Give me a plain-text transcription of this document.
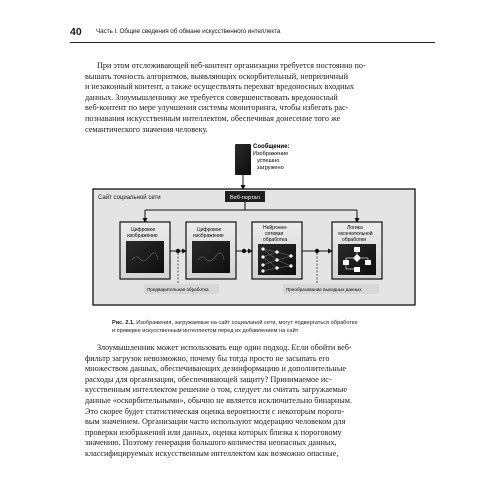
40 Часть I. Общие сведения об обмане искусственного интеллекта
При этом отслеживающей веб-контент организации требуется постоянно по-
вышать точность алгоритмов, выявляющих оскорбительный, неприличный
и незаконный контент, а также осуществлять перехват вредоносных входных
данных. Злоумышленнику же требуется совершенствовать вредоносный
веб-контент по мере улучшения системы мониторинга, чтобы избегать рас-
познавания искусственным интеллектом, обеспечивая донесение того же
семантического значения человеку.
Сообщение:
Изображение
успешно
загружено
Сайт социальной сети	Веб-портал
Цифровое
изображение
Цифровое
изображение
Нейронно-
сетевая
обработка
Логика
окончательной
обработки
Предварительная обработка	Преобразование выходных данных
Рис. 2.1. Изображения, загружаемые на сайт социальной сети, могут подвергаться обработке
и проверке искусственным интеллектом перед их добавлением на сайт
Злоумышленник может использовать еще один подход. Если обойти веб-
фильтр загрузок невозможно, почему бы тогда просто не засыпать его
множеством данных, обеспечивающих дезинформацию и дополнительные
расходы для организации, обеспечивающей защиту? Принимаемое ис-
кусственным интеллектом решение о том, следует ли считать загружаемые
данные «оскорбительными», обычно не является исключительно бинарным.
Это скорее будет статистическая оценка вероятности с некоторым порого-
вым значением. Организации часто используют модерацию человеком для
проверки изображений или данных, оценка которых близка к пороговому
значению. Поэтому генерация большого количества неопасных данных,
классифицируемых искусственным интеллектом как возможно опасные,
